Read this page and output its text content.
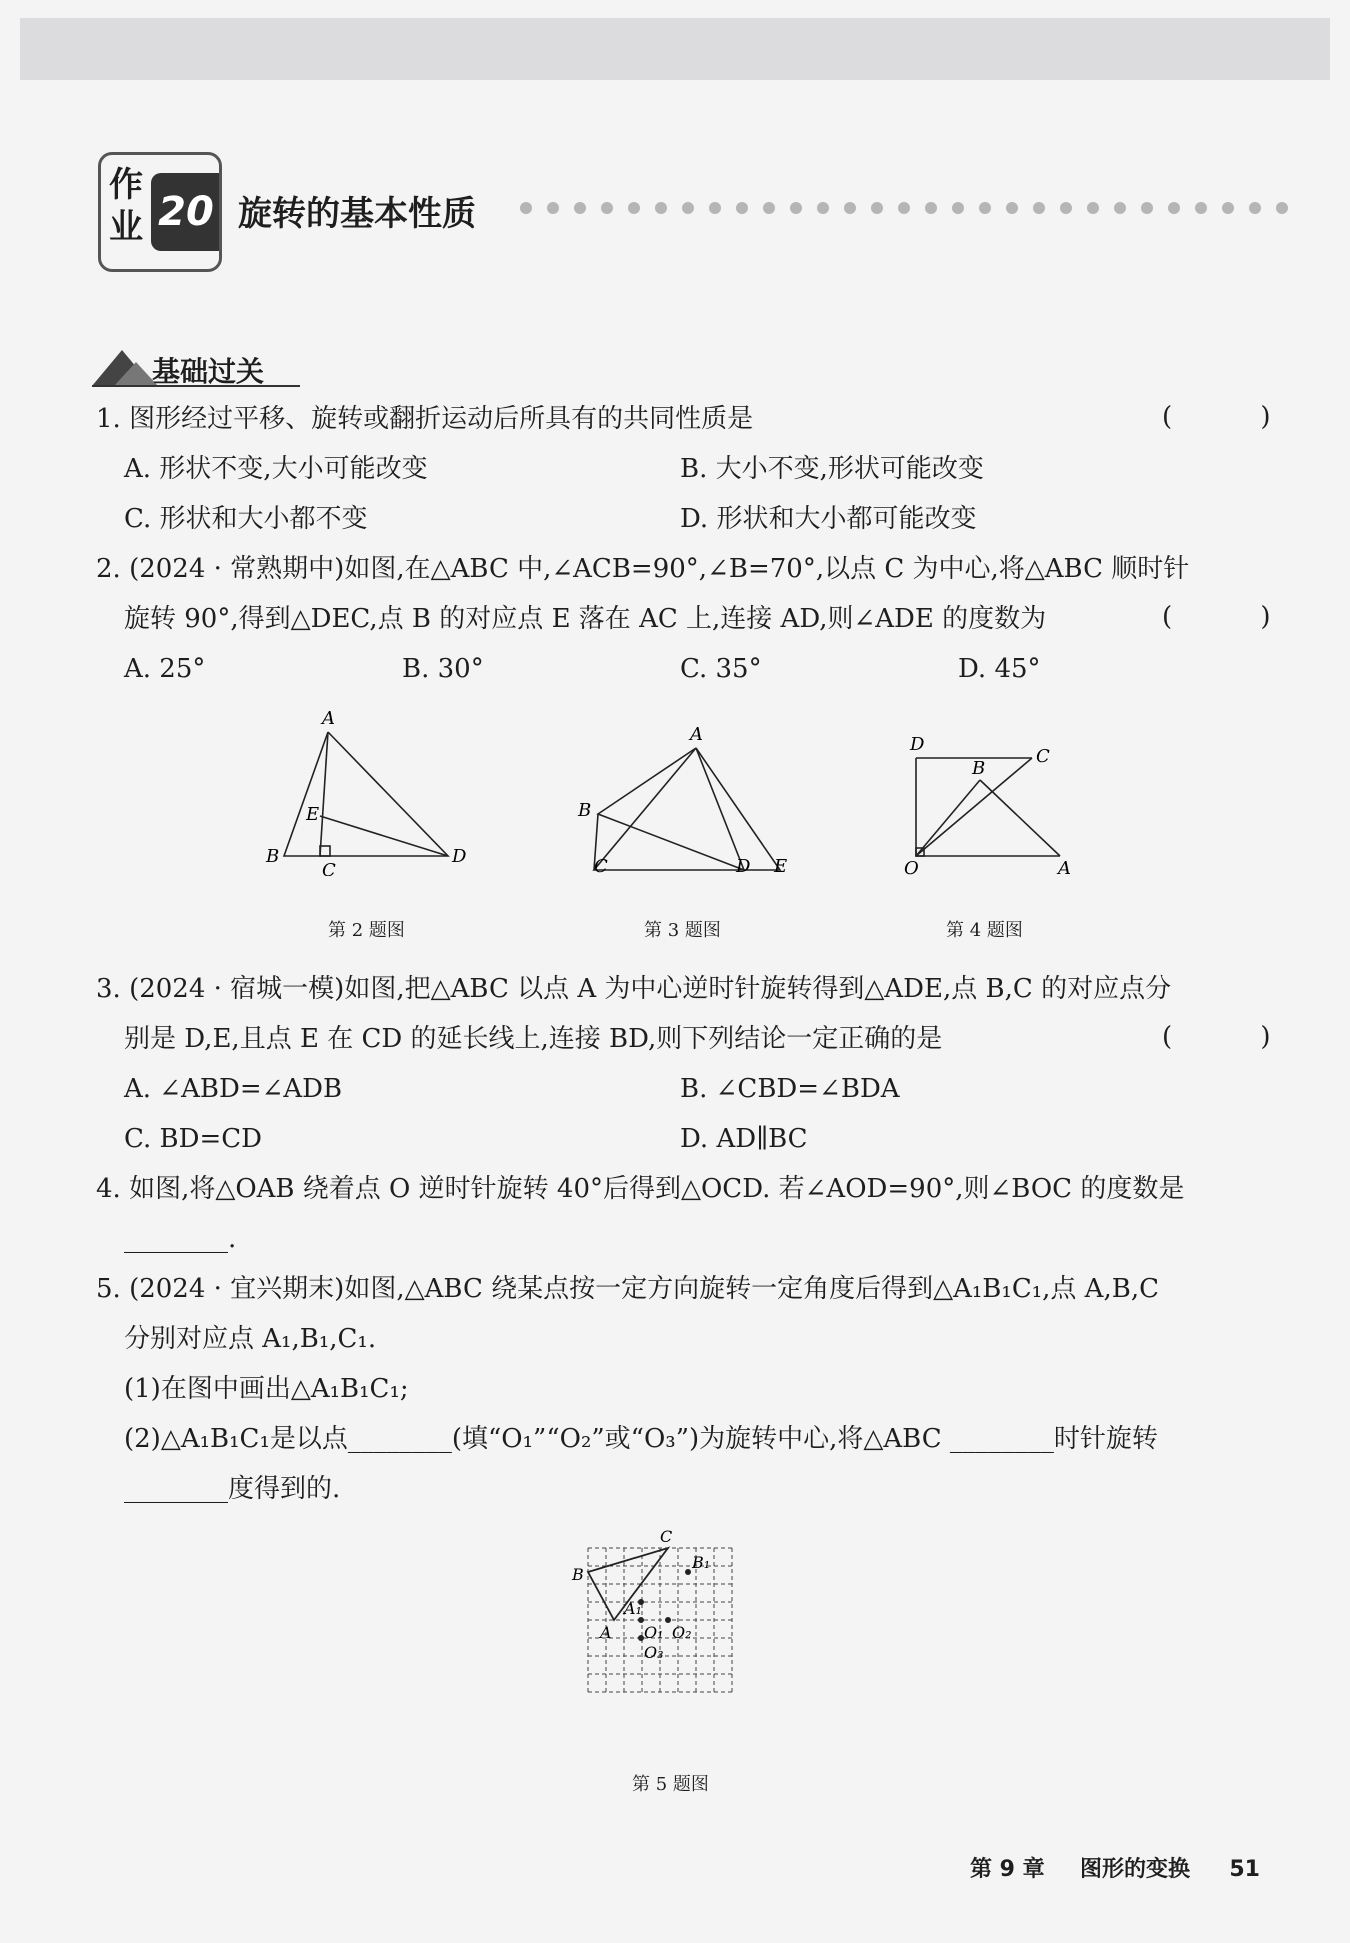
作
业 20 旋转的基本性质
基础过关
1. 图形经过平移、旋转或翻折运动后所具有的共同性质是	( )
A. 形状不变,大小可能改变	B. 大小不变,形状可能改变
C. 形状和大小都不变	D. 形状和大小都可能改变
2. (2024 · 常熟期中)如图,在△ABC 中,∠ACB=90°,∠B=70°,以点 C 为中心,将△ABC 顺时针
旋转 90°,得到△DEC,点 B 的对应点 E 落在 AC 上,连接 AD,则∠ADE 的度数为	( )
A. 25°	B. 30°	C. 35°	D. 45°
A
E
B
C
D
第 2 题图
A
B
C	D E
第 3 题图
D
B
C
O	A
第 4 题图
3. (2024 · 宿城一模)如图,把△ABC 以点 A 为中心逆时针旋转得到△ADE,点 B,C 的对应点分
别是 D,E,且点 E 在 CD 的延长线上,连接 BD,则下列结论一定正确的是	( )
A. ∠ABD=∠ADB	B. ∠CBD=∠BDA
C. BD=CD	D. AD∥BC
4. 如图,将△OAB 绕着点 O 逆时针旋转 40°后得到△OCD. 若∠AOD=90°,则∠BOC 的度数是
________.
5. (2024 · 宜兴期末)如图,△ABC 绕某点按一定方向旋转一定角度后得到△A₁B₁C₁,点 A,B,C
分别对应点 A₁,B₁,C₁.
(1)在图中画出△A₁B₁C₁;
(2)△A₁B₁C₁是以点________(填“O₁”“O₂”或“O₃”)为旋转中心,将△ABC ________时针旋转
________度得到的.
C
B₁
B
A₁
A O₁ O₂
O₃
第 5 题图
第 9 章 图形的变换 51
